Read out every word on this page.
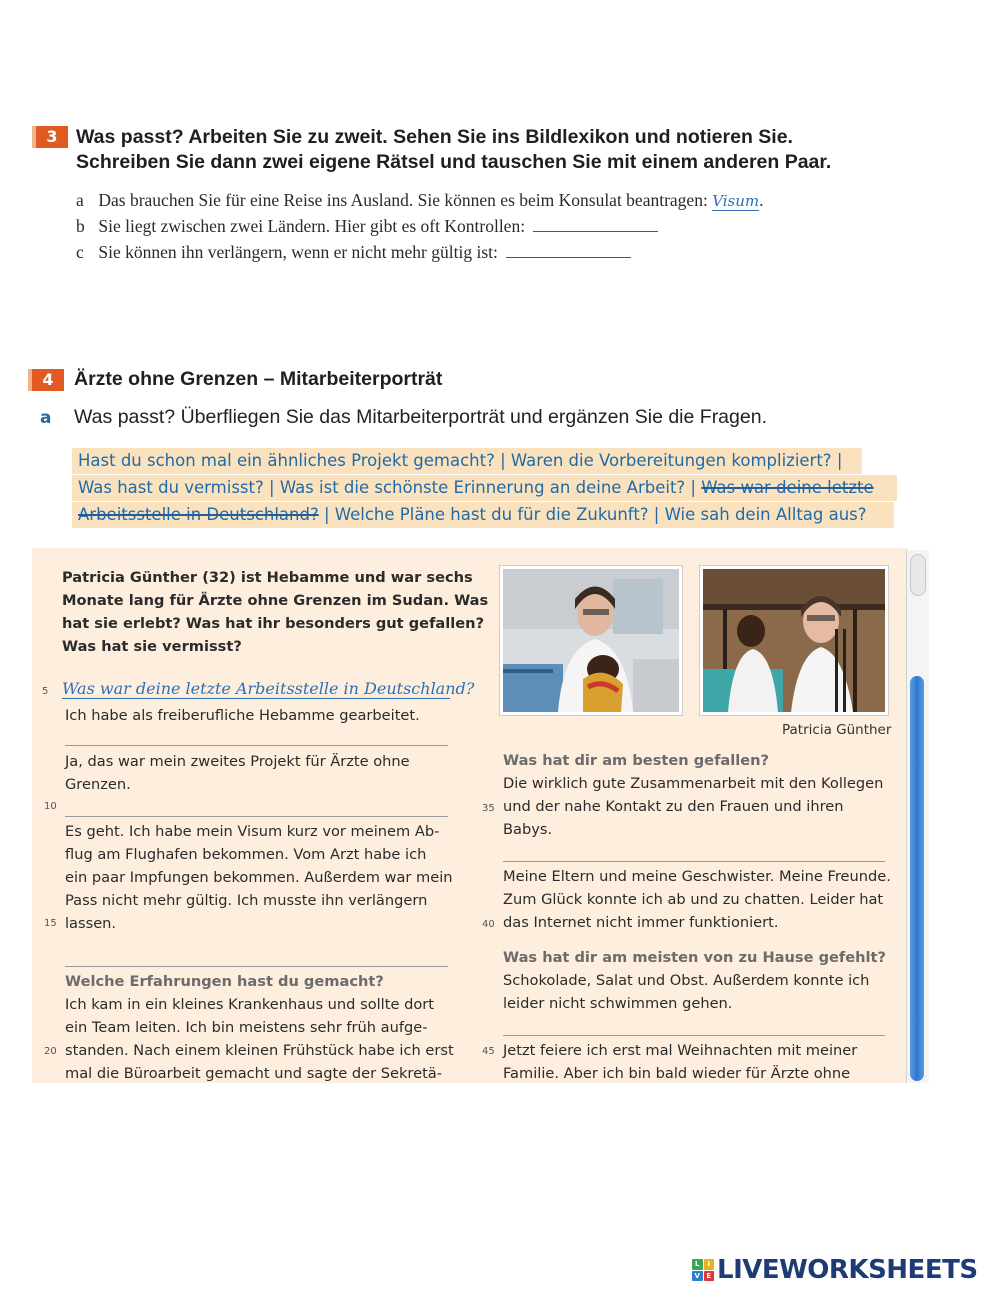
3 Was passt? Arbeiten Sie zu zweit. Sehen Sie ins Bildlexikon und notieren Sie.
Schreiben Sie dann zwei eigene Rätsel und tauschen Sie mit einem anderen Paar.
a Das brauchen Sie für eine Reise ins Ausland. Sie können es beim Konsulat beantragen: Visum.
b Sie liegt zwischen zwei Ländern. Hier gibt es oft Kontrollen:
c Sie können ihn verlängern, wenn er nicht mehr gültig ist:
4	Ärzte ohne Grenzen – Mitarbeiterporträt
a Was passt? Überfliegen Sie das Mitarbeiterporträt und ergänzen Sie die Fragen.
Hast du schon mal ein ähnliches Projekt gemacht? | Waren die Vorbereitungen kompliziert? |
Was hast du vermisst? | Was ist die schönste Erinnerung an deine Arbeit? | Was war deine letzte
Arbeitsstelle in Deutschland? | Welche Pläne hast du für die Zukunft? | Wie sah dein Alltag aus?
Patricia Günther (32) ist Hebamme und war sechs
Monate lang für Ärzte ohne Grenzen im Sudan. Was
hat sie erlebt? Was hat ihr besonders gut gefallen?
Was hat sie vermisst?
5 Was war deine letzte Arbeitsstelle in Deutschland?
Ich habe als freiberufliche Hebamme gearbeitet.
Ja, das war mein zweites Projekt für Ärzte ohne
Grenzen.
10
Es geht. Ich habe mein Visum kurz vor meinem Ab-
flug am Flughafen bekommen. Vom Arzt habe ich
ein paar Impfungen bekommen. Außerdem war mein
Pass nicht mehr gültig. Ich musste ihn verlängern
15 lassen.
Welche Erfahrungen hast du gemacht?
Ich kam in ein kleines Krankenhaus und sollte dort
ein Team leiten. Ich bin meistens sehr früh aufge-
20 standen. Nach einem kleinen Frühstück habe ich erst
mal die Büroarbeit gemacht und sagte der Sekretä-
Patricia Günther
Was hat dir am besten gefallen?
Die wirklich gute Zusammenarbeit mit den Kollegen
35 und der nahe Kontakt zu den Frauen und ihren
Babys.
Meine Eltern und meine Geschwister. Meine Freunde.
Zum Glück konnte ich ab und zu chatten. Leider hat
40 das Internet nicht immer funktioniert.
Was hat dir am meisten von zu Hause gefehlt?
Schokolade, Salat und Obst. Außerdem konnte ich
leider nicht schwimmen gehen.
45 Jetzt feiere ich erst mal Weihnachten mit meiner
Familie. Aber ich bin bald wieder für Ärzte ohne
L	I
V E LIVEWORKSHEETS
